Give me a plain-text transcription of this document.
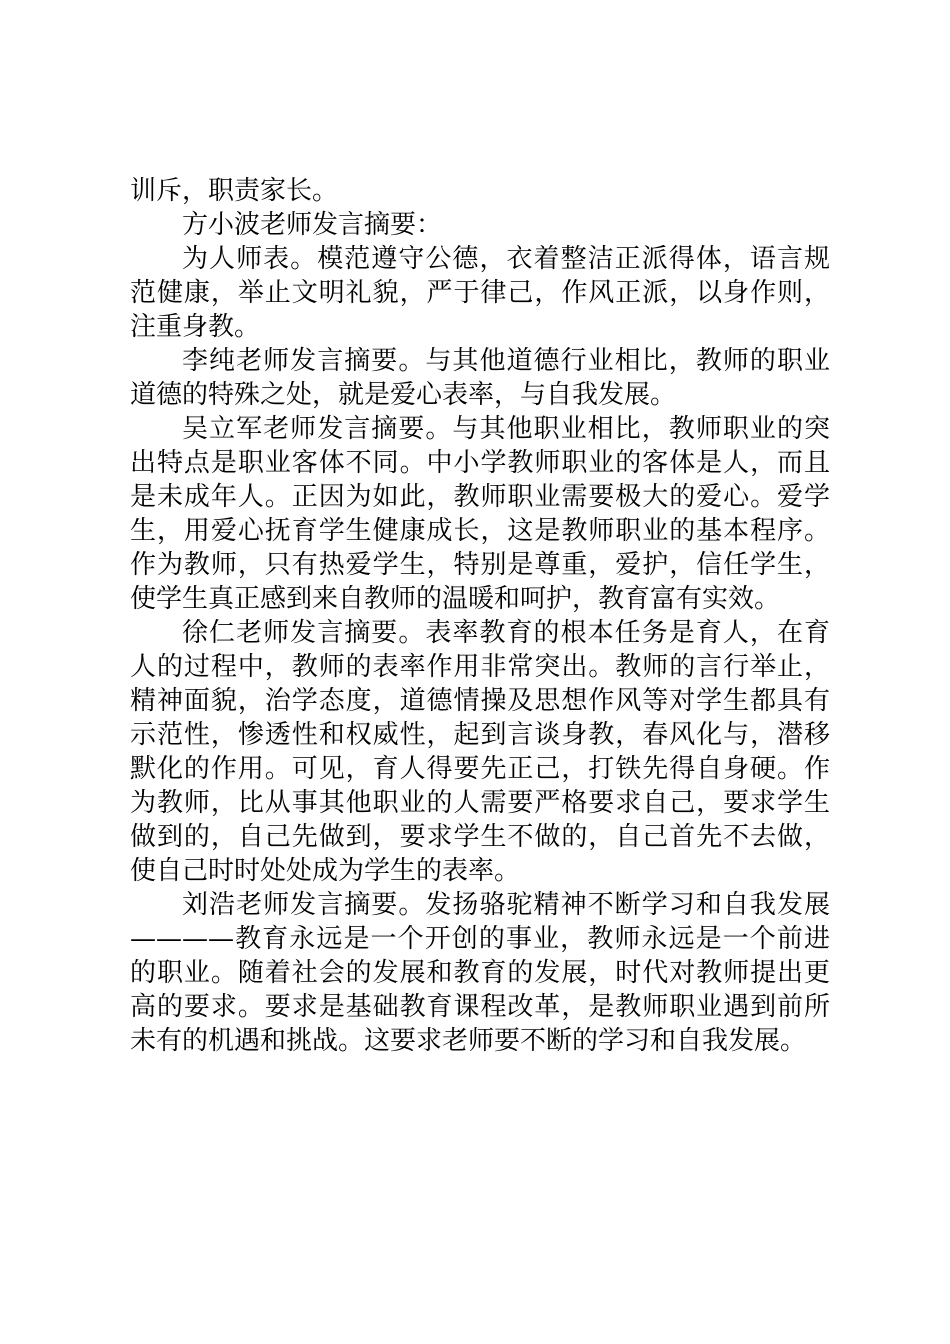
训斥，职责家长。

方小波老师发言摘要：

为人师表。模范遵守公德，衣着整洁正派得体，语言规范健康，举止文明礼貌，严于律己，作风正派，以身作则，注重身教。

李纯老师发言摘要。与其他道德行业相比，教师的职业道德的特殊之处，就是爱心表率，与自我发展。

吴立军老师发言摘要。与其他职业相比，教师职业的突出特点是职业客体不同。中小学教师职业的客体是人，而且是未成年人。正因为如此，教师职业需要极大的爱心。爱学生，用爱心抚育学生健康成长，这是教师职业的基本程序。作为教师，只有热爱学生，特别是尊重，爱护，信任学生，使学生真正感到来自教师的温暖和呵护，教育富有实效。

徐仁老师发言摘要。表率教育的根本任务是育人，在育人的过程中，教师的表率作用非常突出。教师的言行举止，精神面貌，治学态度，道德情操及思想作风等对学生都具有示范性，惨透性和权威性，起到言谈身教，春风化与，潜移默化的作用。可见，育人得要先正己，打铁先得自身硬。作为教师，比从事其他职业的人需要严格要求自己，要求学生做到的，自己先做到，要求学生不做的，自己首先不去做，使自己时时处处成为学生的表率。

刘浩老师发言摘要。发扬骆驼精神不断学习和自我发展————教育永远是一个开创的事业，教师永远是一个前进的职业。随着社会的发展和教育的发展，时代对教师提出更高的要求。要求是基础教育课程改革，是教师职业遇到前所未有的机遇和挑战。这要求老师要不断的学习和自我发展。
